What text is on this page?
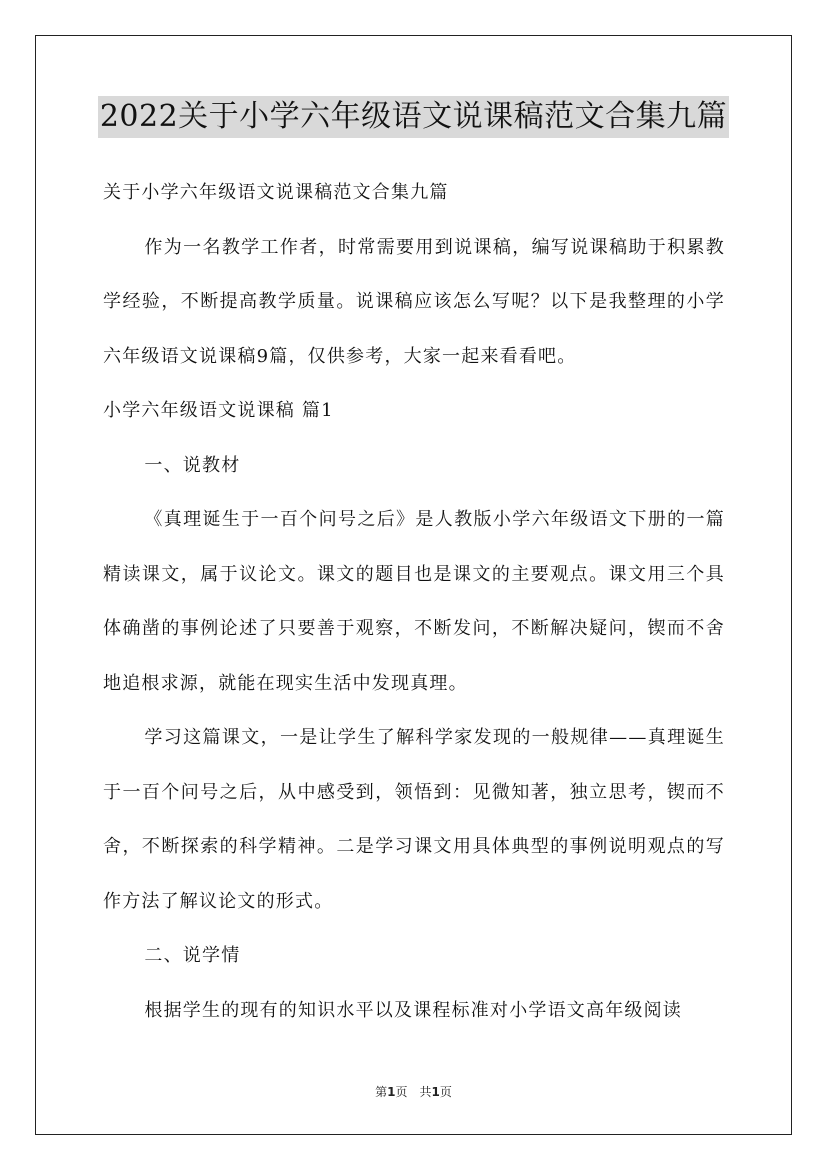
2022关于小学六年级语文说课稿范文合集九篇

关于小学六年级语文说课稿范文合集九篇

作为一名教学工作者，时常需要用到说课稿，编写说课稿助于积累教学经验，不断提高教学质量。说课稿应该怎么写呢？以下是我整理的小学六年级语文说课稿9篇，仅供参考，大家一起来看看吧。

小学六年级语文说课稿 篇1

一、说教材

《真理诞生于一百个问号之后》是人教版小学六年级语文下册的一篇精读课文，属于议论文。课文的题目也是课文的主要观点。课文用三个具体确凿的事例论述了只要善于观察，不断发问，不断解决疑问，锲而不舍地追根求源，就能在现实生活中发现真理。

学习这篇课文，一是让学生了解科学家发现的一般规律——真理诞生于一百个问号之后，从中感受到，领悟到：见微知著，独立思考，锲而不舍，不断探索的科学精神。二是学习课文用具体典型的事例说明观点的写作方法了解议论文的形式。

二、说学情

根据学生的现有的知识水平以及课程标准对小学语文高年级阅读

第1页 共1页
